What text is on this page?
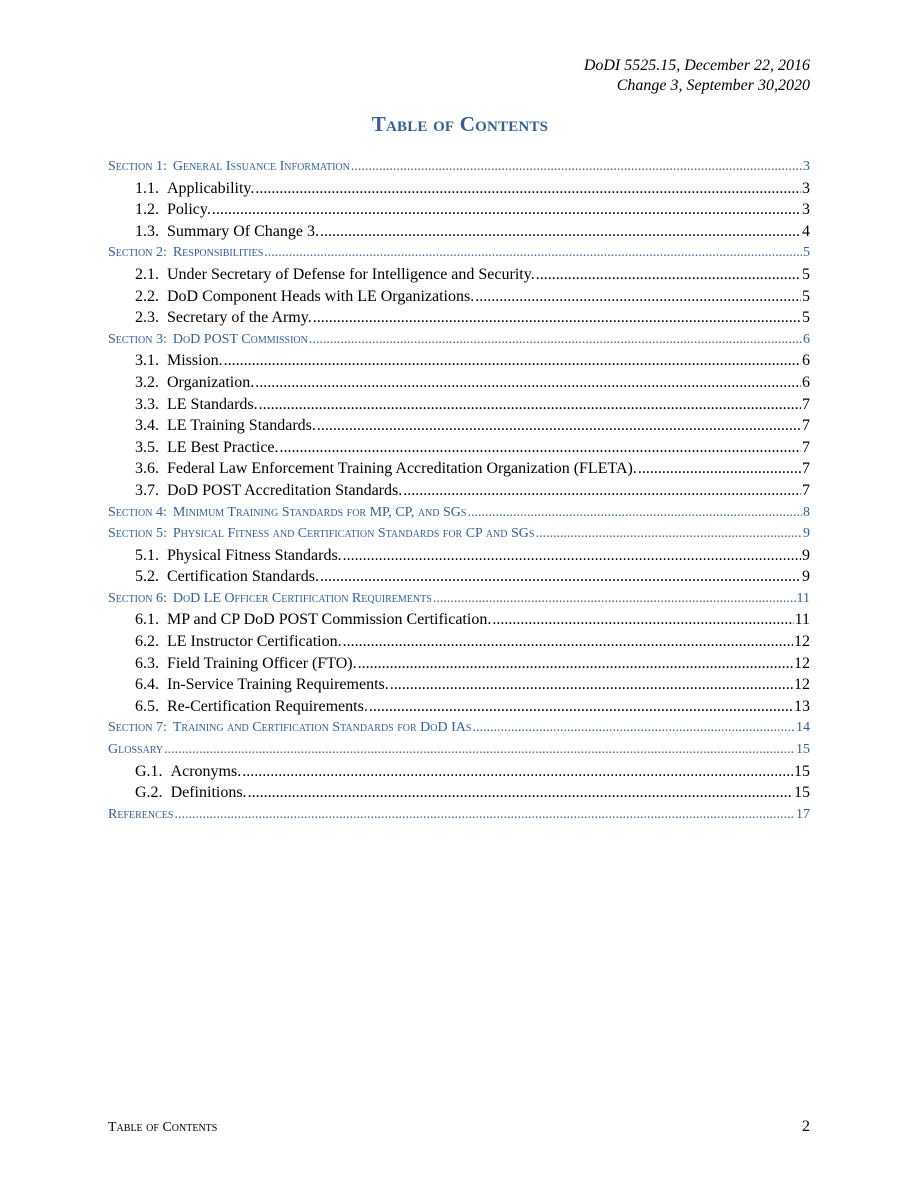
DoDI 5525.15, December 22, 2016
Change 3, September 30,2020
Table of Contents
Section 1: General Issuance Information .....	3
1.1. Applicability. .....	3
1.2. Policy. .....	3
1.3. Summary Of Change 3. .....	4
Section 2: Responsibilities .....	5
2.1. Under Secretary of Defense for Intelligence and Security. .....	5
2.2. DoD Component Heads with LE Organizations. .....	5
2.3. Secretary of the Army. .....	5
Section 3: DoD POST Commission .....	6
3.1. Mission. .....	6
3.2. Organization. .....	6
3.3. LE Standards. .....	7
3.4. LE Training Standards. .....	7
3.5. LE Best Practice. .....	7
3.6. Federal Law Enforcement Training Accreditation Organization (FLETA). .....	7
3.7. DoD POST Accreditation Standards. .....	7
Section 4: Minimum Training Standards for MP, CP, and SGs .....	8
Section 5: Physical Fitness and Certification Standards for CP and SGs .....	9
5.1. Physical Fitness Standards. .....	9
5.2. Certification Standards. .....	9
Section 6: DoD LE Officer Certification Requirements .....	11
6.1. MP and CP DoD POST Commission Certification. .....	11
6.2. LE Instructor Certification. .....	12
6.3. Field Training Officer (FTO). .....	12
6.4. In-Service Training Requirements. .....	12
6.5. Re-Certification Requirements. .....	13
Section 7: Training and Certification Standards for DoD IAs .....	14
Glossary .....	15
G.1. Acronyms. .....	15
G.2. Definitions. .....	15
References .....	17
Table of Contents	2
